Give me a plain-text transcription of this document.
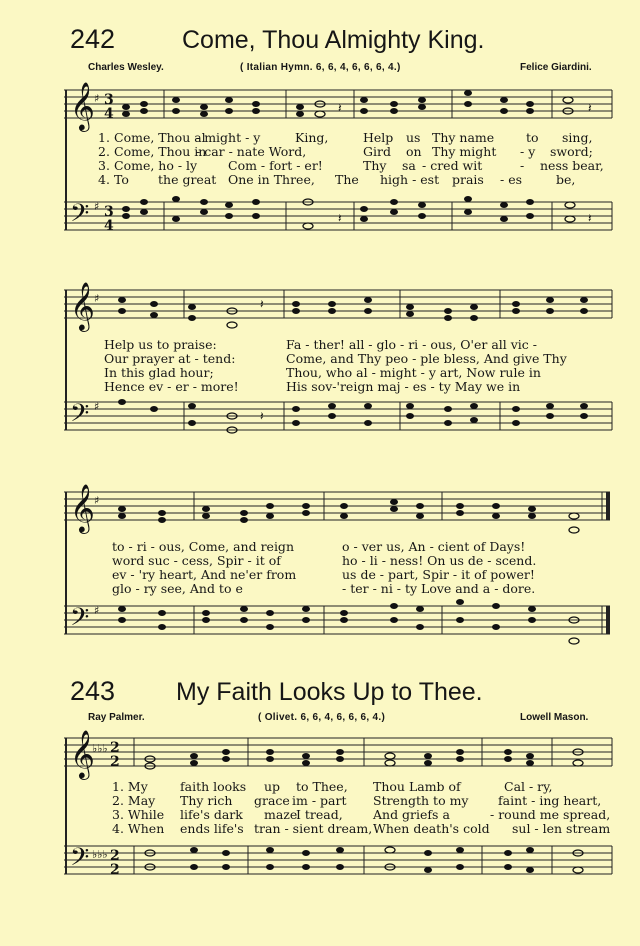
242	Come, Thou Almighty King.
Charles Wesley.	( Italian Hymn. 6, 6, 4, 6, 6, 6, 4.)	Felice Giardini.
𝄞
𝄢
♯
♯
3
4
3
4
𝄽	𝄽
𝄽	𝄽
1. Come, Thou al
- might - y	King,	Help us Thy name	to sing,
2. Come, Thou in
- car - nate Word,	Gird on Thy might - y sword;
3. Come, ho - ly Com - fort - er!	Thy sa - cred wit	- ness bear,
4. To the great One in Three, The high - est prais - es	be,
𝄞
𝄢
♯
♯
𝄽
𝄽
Help us to praise:	Fa - ther! all - glo - ri - ous, O'er all vic -
Our prayer at - tend:	Come, and Thy peo - ple bless, And give Thy
In this glad hour;	Thou, who al - might - y art, Now rule in
Hence ev - er - more!	His sov-'reign maj - es - ty May we in
𝄞
𝄢
♯
♯
to - ri - ous, Come, and reign	o - ver us, An - cient of Days!
word suc - cess, Spir - it of	ho - li - ness! On us de - scend.
ev - 'ry heart, And ne'er from	us de - part, Spir - it of power!
glo - ry see, And to e	- ter - ni - ty Love and a - dore.
243 My Faith Looks Up to Thee.
Ray Palmer.	( Olivet. 6, 6, 4, 6, 6, 6, 4.)	Lowell Mason.
𝄞
𝄢
♭♭♭
♭♭♭
2
2
2
2
1. My	faith looks up to Thee, Thou Lamb of	Cal - ry,
2. May Thy rich grace im - part Strength to my faint - ing heart,
3. While life's dark maze
I tread, And griefs a	- round me spread,
4. When ends life's tran - sient dream, When death's cold sul - len stream
